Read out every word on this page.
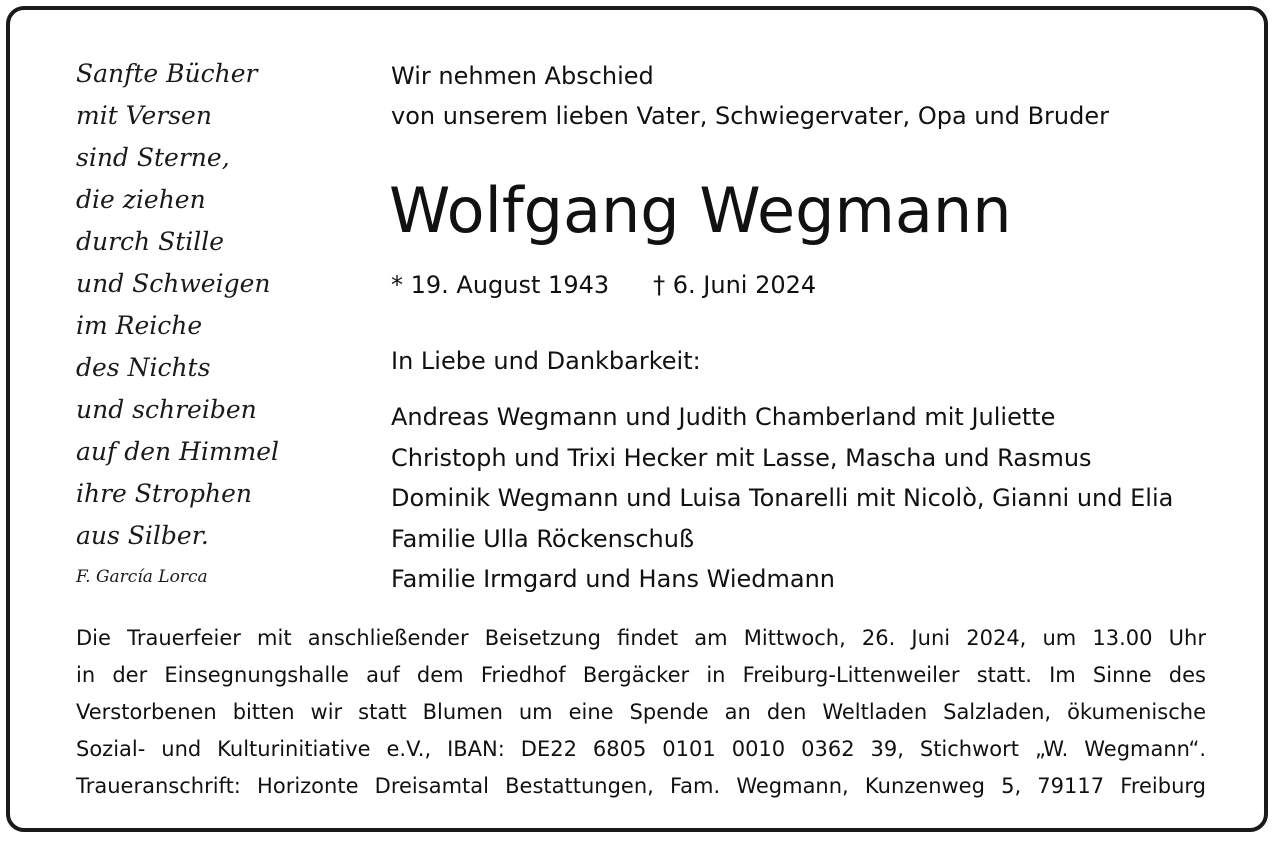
Sanfte Bücher
mit Versen
sind Sterne,
die ziehen
durch Stille
und Schweigen
im Reiche
des Nichts
und schreiben
auf den Himmel
ihre Strophen
aus Silber.
F. García Lorca
Wir nehmen Abschied
von unserem lieben Vater, Schwiegervater, Opa und Bruder
Wolfgang Wegmann
* 19. August 1943 † 6. Juni 2024
In Liebe und Dankbarkeit:
Andreas Wegmann und Judith Chamberland mit Juliette
Christoph und Trixi Hecker mit Lasse, Mascha und Rasmus
Dominik Wegmann und Luisa Tonarelli mit Nicolò, Gianni und Elia
Familie Ulla Röckenschuß
Familie Irmgard und Hans Wiedmann
Die Trauerfeier mit anschließender Beisetzung findet am Mittwoch, 26. Juni 2024, um 13.00 Uhr
in der Einsegnungshalle auf dem Friedhof Bergäcker in Freiburg-Littenweiler statt. Im Sinne des
Verstorbenen bitten wir statt Blumen um eine Spende an den Weltladen Salzladen, ökumenische
Sozial- und Kulturinitiative e.V., IBAN: DE22 6805 0101 0010 0362 39, Stichwort „W. Wegmann“.
Traueranschrift: Horizonte Dreisamtal Bestattungen, Fam. Wegmann, Kunzenweg 5, 79117 Freiburg
